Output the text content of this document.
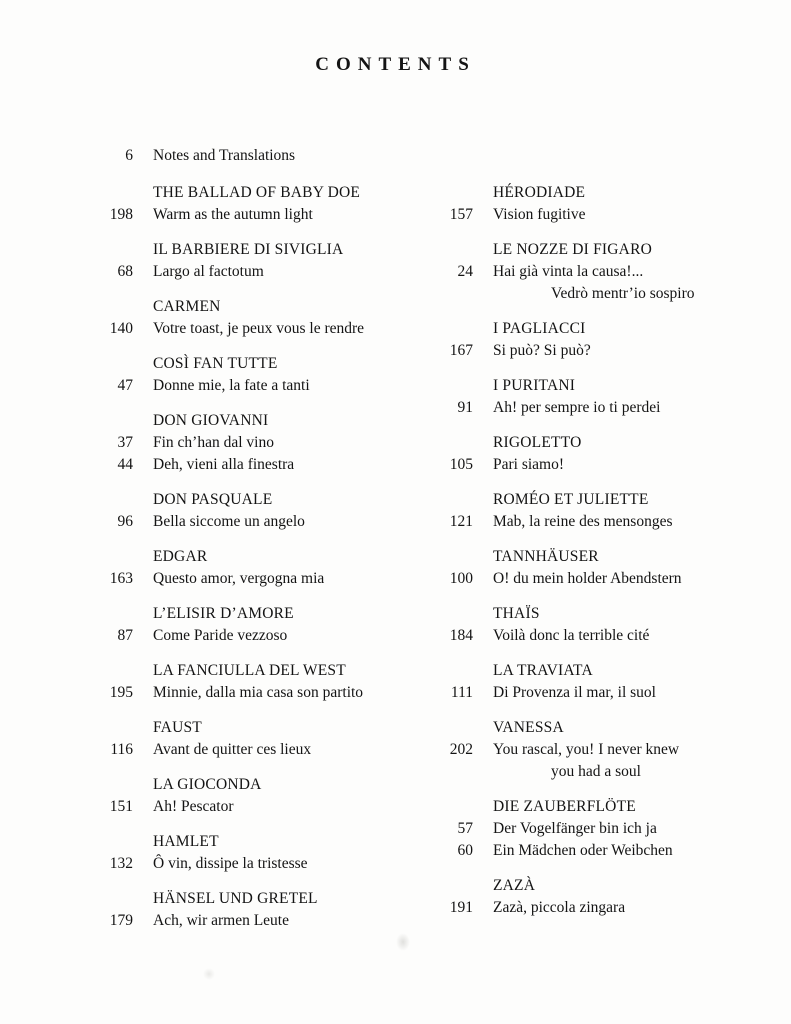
CONTENTS
6 Notes and Translations
THE BALLAD OF BABY DOE
198 Warm as the autumn light
IL BARBIERE DI SIVIGLIA
68 Largo al factotum
CARMEN
140 Votre toast, je peux vous le rendre
COSÌ FAN TUTTE
47 Donne mie, la fate a tanti
DON GIOVANNI
37 Fin ch’han dal vino
44 Deh, vieni alla finestra
DON PASQUALE
96 Bella siccome un angelo
EDGAR
163 Questo amor, vergogna mia
L’ELISIR D’AMORE
87 Come Paride vezzoso
LA FANCIULLA DEL WEST
195 Minnie, dalla mia casa son partito
FAUST
116 Avant de quitter ces lieux
LA GIOCONDA
151 Ah! Pescator
HAMLET
132 Ô vin, dissipe la tristesse
HÄNSEL UND GRETEL
179 Ach, wir armen Leute
HÉRODIADE
157 Vision fugitive
LE NOZZE DI FIGARO
24 Hai già vinta la causa!...
Vedrò mentr’io sospiro
I PAGLIACCI
167 Si può? Si può?
I PURITANI
91 Ah! per sempre io ti perdei
RIGOLETTO
105 Pari siamo!
ROMÉO ET JULIETTE
121 Mab, la reine des mensonges
TANNHÄUSER
100 O! du mein holder Abendstern
THAÏS
184 Voilà donc la terrible cité
LA TRAVIATA
111 Di Provenza il mar, il suol
VANESSA
202 You rascal, you! I never knew
you had a soul
DIE ZAUBERFLÖTE
57 Der Vogelfänger bin ich ja
60 Ein Mädchen oder Weibchen
ZAZÀ
191 Zazà, piccola zingara
